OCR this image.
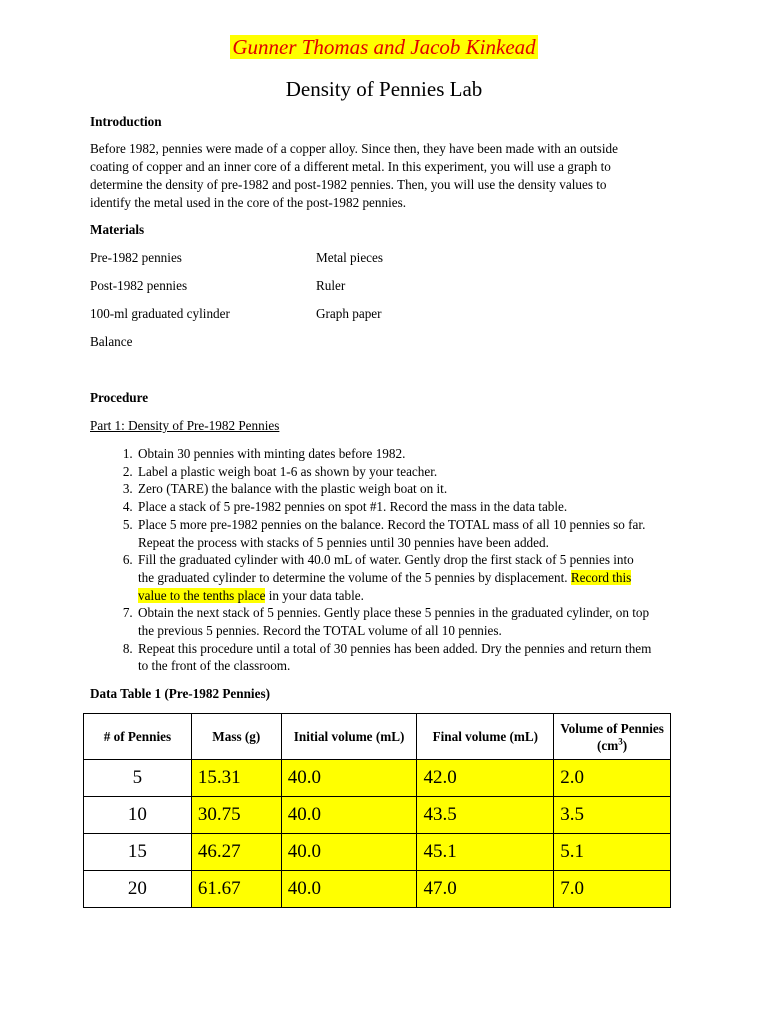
Gunner Thomas and Jacob Kinkead
Density of Pennies Lab
Introduction
Before 1982, pennies were made of a copper alloy. Since then, they have been made with an outside
coating of copper and an inner core of a different metal. In this experiment, you will use a graph to
determine the density of pre-1982 and post-1982 pennies. Then, you will use the density values to
identify the metal used in the core of the post-1982 pennies.
Materials
Pre-1982 pennies
Post-1982 pennies
100-ml graduated cylinder
Balance
Metal pieces
Ruler
Graph paper
Procedure
Part 1: Density of Pre-1982 Pennies
1. Obtain 30 pennies with minting dates before 1982.
2. Label a plastic weigh boat 1-6 as shown by your teacher.
3. Zero (TARE) the balance with the plastic weigh boat on it.
4. Place a stack of 5 pre-1982 pennies on spot #1. Record the mass in the data table.
5. Place 5 more pre-1982 pennies on the balance. Record the TOTAL mass of all 10 pennies so far.
Repeat the process with stacks of 5 pennies until 30 pennies have been added.
6. Fill the graduated cylinder with 40.0 mL of water. Gently drop the first stack of 5 pennies into
the graduated cylinder to determine the volume of the 5 pennies by displacement. Record this
value to the tenths place in your data table.
7. Obtain the next stack of 5 pennies. Gently place these 5 pennies in the graduated cylinder, on top
the previous 5 pennies. Record the TOTAL volume of all 10 pennies.
8. Repeat this procedure until a total of 30 pennies has been added. Dry the pennies and return them
to the front of the classroom.
Data Table 1 (Pre-1982 Pennies)
# of Pennies	Mass (g)	Initial volume (mL)	Final volume (mL)	Volume of Pennies $(cm^3)$
5	15.31	40.0	42.0	2.0
10	30.75	40.0	43.5	3.5
15	46.27	40.0	45.1	5.1
20	61.67	40.0	47.0	7.0
